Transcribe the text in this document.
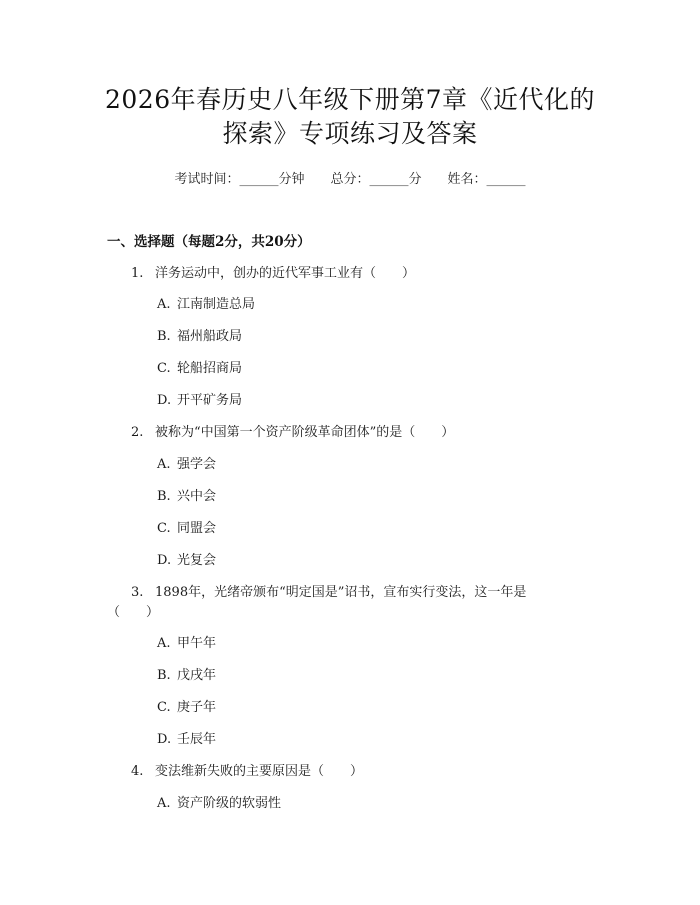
2026年春历史八年级下册第7章《近代化的
探索》专项练习及答案
考试时间：______分钟 总分：______分 姓名：______
一、选择题（每题2分，共20分）
1. 洋务运动中，创办的近代军事工业有（　　）
A. 江南制造总局
B. 福州船政局
C. 轮船招商局
D. 开平矿务局
2. 被称为“中国第一个资产阶级革命团体”的是（　　）
A. 强学会
B. 兴中会
C. 同盟会
D. 光复会
3. 1898年，光绪帝颁布“明定国是”诏书，宣布实行变法，这一年是
（　　）
A. 甲午年
B. 戊戌年
C. 庚子年
D. 壬辰年
4. 变法维新失败的主要原因是（　　）
A. 资产阶级的软弱性
